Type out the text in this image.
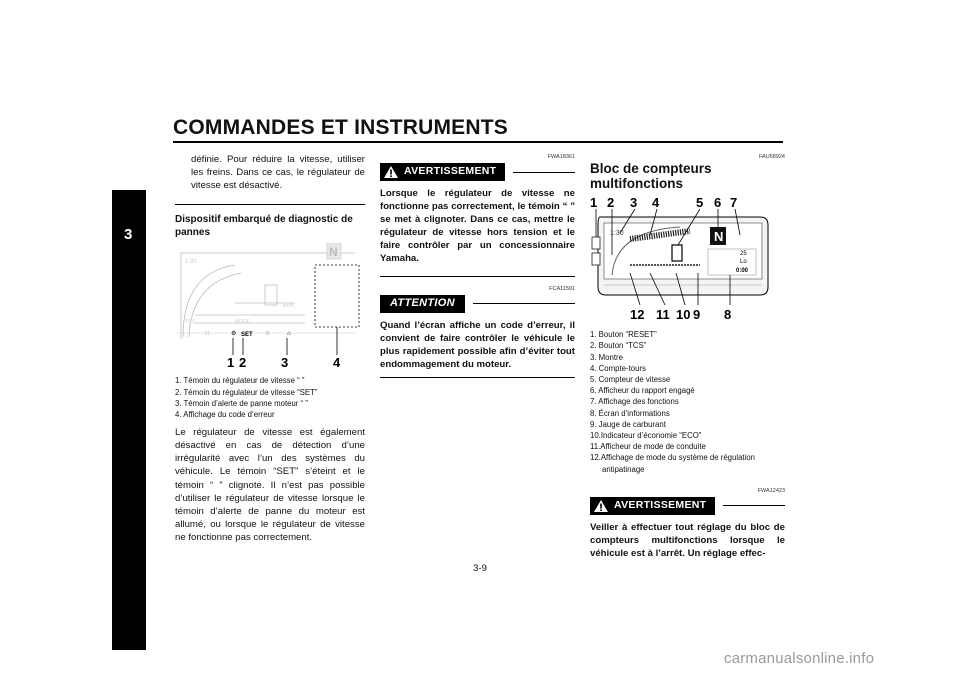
COMMANDES ET INSTRUMENTS
3
définie. Pour réduire la vitesse, utiliser les freins. Dans ce cas, le régulateur de vitesse est désactivé.
Dispositif embarqué de diagnostic de pannes
1:30
km/h
TCS	MODE
N	⚙ SET ⊕	⌂
N
1 2	3	4
1. Témoin du régulateur de vitesse “ ”
2. Témoin du régulateur de vitesse “SET”
3. Témoin d’alerte de panne moteur “ ”
4. Affichage du code d’erreur
Le régulateur de vitesse est également désactivé en cas de détection d’une irrégularité avec l’un des systèmes du véhicule. Le témoin “SET” s’éteint et le témoin “ ” clignote. Il n’est pas possible d’utiliser le régulateur de vitesse lorsque le témoin d’alerte de panne du moteur est allumé, ou lorsque le régulateur de vitesse ne fonctionne pas correctement.
FWA18361
AVERTISSEMENT
Lorsque le régulateur de vitesse ne fonctionne pas correctement, le témoin “ ” se met à clignoter. Dans ce cas, mettre le régulateur de vitesse hors tension et le faire contrôler par un concessionnaire Yamaha.
FCA11591
ATTENTION
Quand l’écran affiche un code d’erreur, il convient de faire contrôler le véhicule le plus rapidement possible afin d’éviter tout endommagement du moteur.
FAU58924
Bloc de compteurs multifonctions
1 2 3 4	5 6 7
1:30	N
25
Lo
0:00
12 11 10 9 8
1. Bouton “RESET”
2. Bouton “TCS”
3. Montre
4. Compte-tours
5. Compteur de vitesse
6. Afficheur du rapport engagé
7. Affichage des fonctions
8. Écran d’informations
9. Jauge de carburant
10.Indicateur d’économie “ECO”
11.Afficheur de mode de conduite
12.Affichage de mode du système de régulation antipatinage
FWA12423
AVERTISSEMENT
Veiller à effectuer tout réglage du bloc de compteurs multifonctions lorsque le véhicule est à l’arrêt. Un réglage effec-
3-9
carmanualsonline.info
